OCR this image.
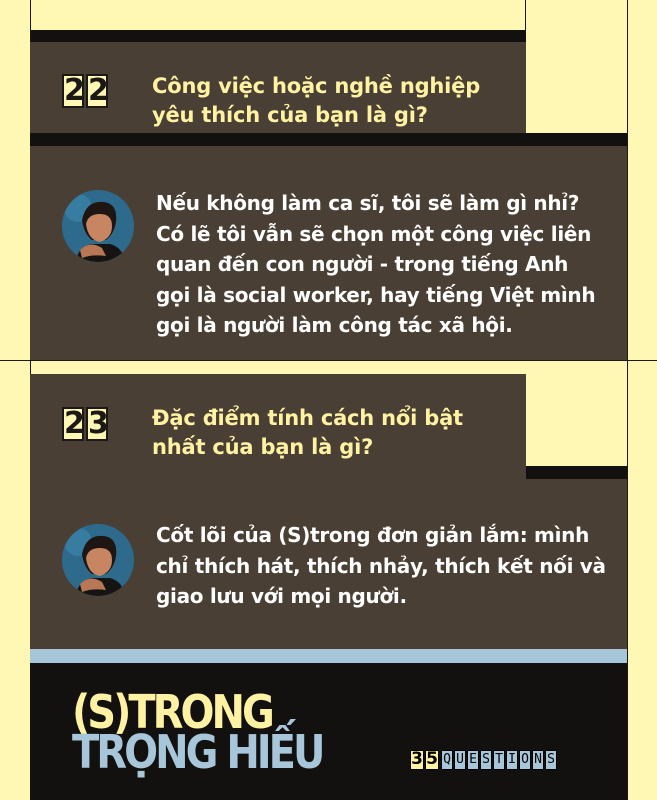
2 2 Công việc hoặc nghề nghiệp
yêu thích của bạn là gì?
Nếu không làm ca sĩ, tôi sẽ làm gì nhỉ?
Có lẽ tôi vẫn sẽ chọn một công việc liên
quan đến con người - trong tiếng Anh
gọi là social worker, hay tiếng Việt mình
gọi là người làm công tác xã hội.
2 3 Đặc điểm tính cách nổi bật
nhất của bạn là gì?
Cốt lõi của (S)trong đơn giản lắm: mình
chỉ thích hát, thích nhảy, thích kết nối và
giao lưu với mọi người.
(S)TRONG
TRỌNG HIẾU	3 5 Q U E S T I O N S
